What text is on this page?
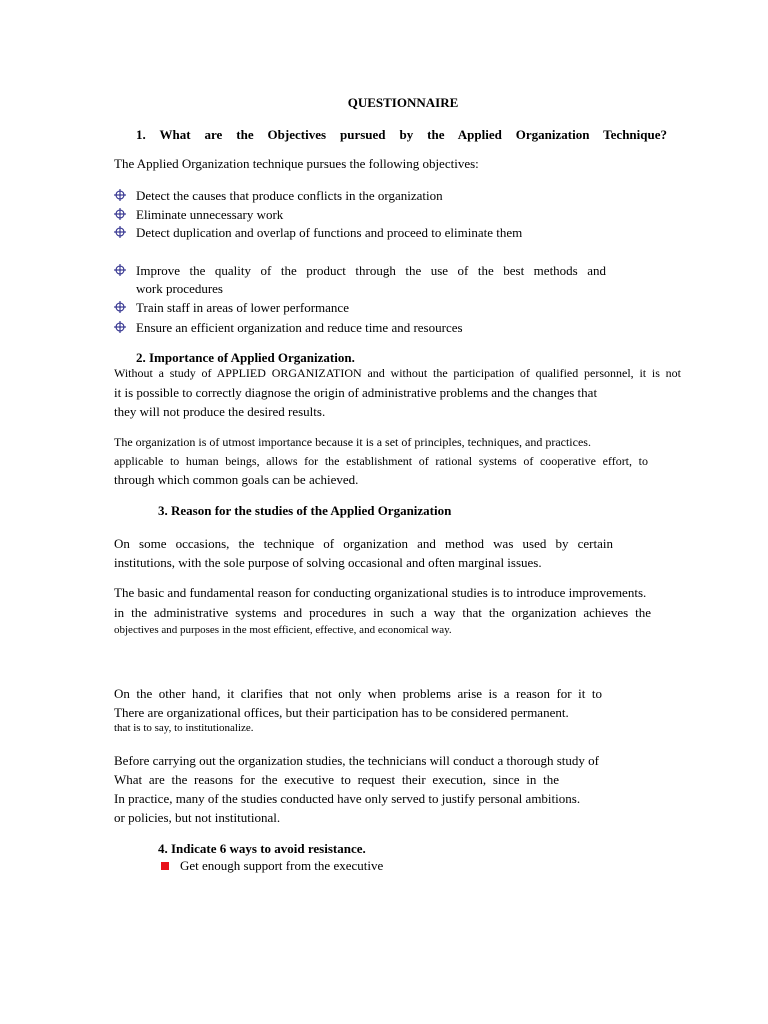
QUESTIONNAIRE
1. What are the Objectives pursued by the Applied Organization Technique?
The Applied Organization technique pursues the following objectives:
Detect the causes that produce conflicts in the organization
Eliminate unnecessary work
Detect duplication and overlap of functions and proceed to eliminate them
Improve the quality of the product through the use of the best methods and
work procedures
Train staff in areas of lower performance
Ensure an efficient organization and reduce time and resources
2. Importance of Applied Organization.
Without a study of APPLIED ORGANIZATION and without the participation of qualified personnel, it is not
it is possible to correctly diagnose the origin of administrative problems and the changes that
they will not produce the desired results.
The organization is of utmost importance because it is a set of principles, techniques, and practices.
applicable to human beings, allows for the establishment of rational systems of cooperative effort, to
through which common goals can be achieved.
3. Reason for the studies of the Applied Organization
On some occasions, the technique of organization and method was used by certain
institutions, with the sole purpose of solving occasional and often marginal issues.
The basic and fundamental reason for conducting organizational studies is to introduce improvements.
in the administrative systems and procedures in such a way that the organization achieves the
objectives and purposes in the most efficient, effective, and economical way.
On the other hand, it clarifies that not only when problems arise is a reason for it to
There are organizational offices, but their participation has to be considered permanent.
that is to say, to institutionalize.
Before carrying out the organization studies, the technicians will conduct a thorough study of
What are the reasons for the executive to request their execution, since in the
In practice, many of the studies conducted have only served to justify personal ambitions.
or policies, but not institutional.
4. Indicate 6 ways to avoid resistance.
Get enough support from the executive
